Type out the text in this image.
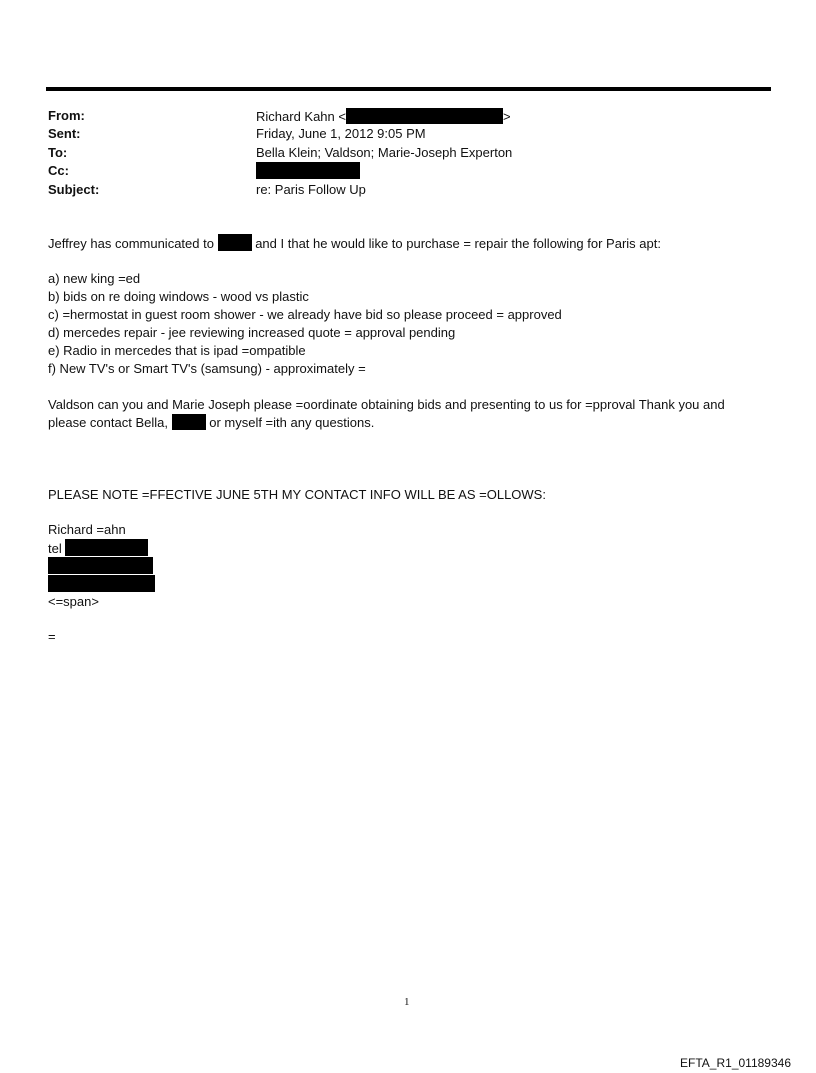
From:	Richard Kahn <	>
Sent:	Friday, June 1, 2012 9:05 PM
To:	Bella Klein; Valdson; Marie-Joseph Experton
Cc:
Subject:	re: Paris Follow Up
Jeffrey has communicated to	and I that he would like to purchase = repair the following for Paris apt:
a) new king =ed
b) bids on re doing windows - wood vs plastic
c) =hermostat in guest room shower - we already have bid so please proceed = approved
d) mercedes repair - jee reviewing increased quote = approval pending
e) Radio in mercedes that is ipad =ompatible
f) New TV's or Smart TV's (samsung) - approximately =
Valdson can you and Marie Joseph please =oordinate obtaining bids and presenting to us for =pproval Thank you and
please contact Bella,	or myself =ith any questions.
PLEASE NOTE =FFECTIVE JUNE 5TH MY CONTACT INFO WILL BE AS =OLLOWS:
Richard =ahn
tel
<=span>
=
1
EFTA_R1_01189346
